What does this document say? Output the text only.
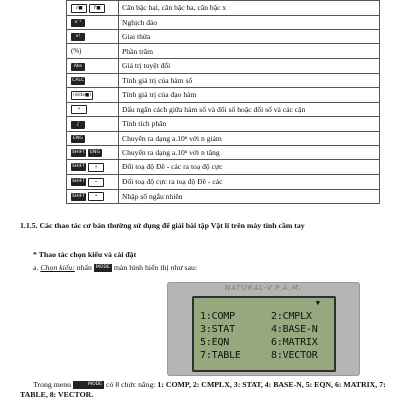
√■ ∛■	Căn bậc hai, căn bậc ba, căn bậc x
x⁻¹	Nghịch đảo
x!	Giai thừa
(%)	Phần trăm
Abs	Giá trị tuyệt đối
CALC	Tính giá trị của hàm số
(d/dx■)	Tính giá trị của đạo hàm
•	Dấu ngăn cách giữa hàm số và đối số hoặc đối số và các cận
∫	Tính tích phân
ENG	Chuyển ra dạng a.10ⁿ với n giảm
SHIFT ENG	Chuyển ra dạng a.10ⁿ với n tăng
SHIFT +	Đổi toạ độ Đề - các ra toạ độ cực
SHIFT −	Đổi toạ độ cực ra toạ độ Đề - các
SHIFT •	Nhập số ngẫu nhiên
1.1.5. Các thao tác cơ bản thường sử dụng để giải bài tập Vật lí trên máy tính cầm tay
* Thao tác chọn kiểu và cài đặt
a. Chọn kiểu: nhấn MODE màn hình hiển thị như sau:
NATURAL-V.P.A.M.
▼
1:COMP	2:CMPLX
3:STAT	4:BASE-N
5:EQN	6:MATRIX
7:TABLE	8:VECTOR

Trong menu	MODE có 8 chức năng: 1: COMP, 2: CMPLX, 3: STAT, 4: BASE-N, 5: EQN, 6: MATRIX, 7: TABLE, 8: VECTOR.
